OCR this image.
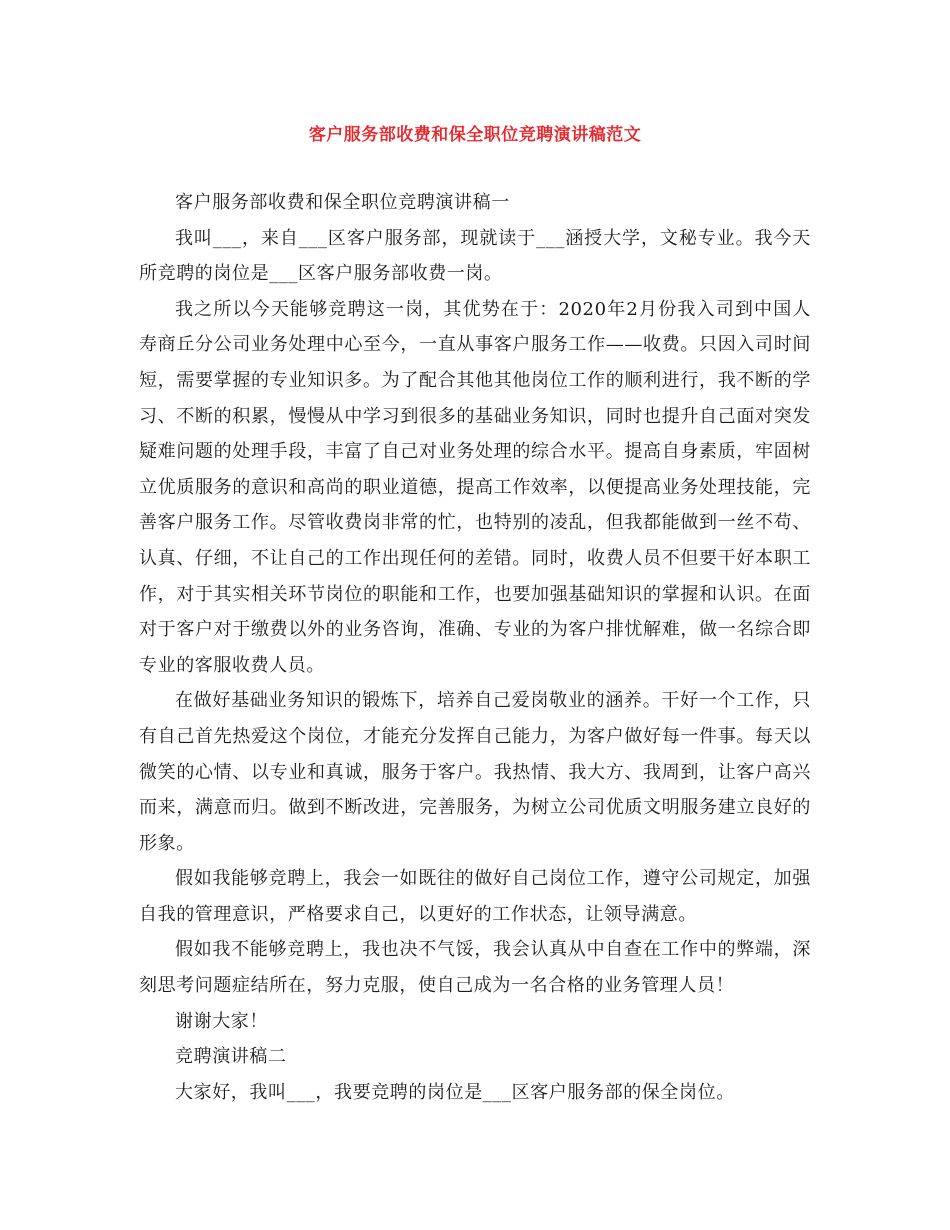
客户服务部收费和保全职位竞聘演讲稿范文

客户服务部收费和保全职位竞聘演讲稿一

我叫___，来自___区客户服务部，现就读于___涵授大学，文秘专业。我今天所竞聘的岗位是___区客户服务部收费一岗。

我之所以今天能够竞聘这一岗，其优势在于：2020年2月份我入司到中国人寿商丘分公司业务处理中心至今，一直从事客户服务工作——收费。只因入司时间短，需要掌握的专业知识多。为了配合其他其他岗位工作的顺利进行，我不断的学习、不断的积累，慢慢从中学习到很多的基础业务知识，同时也提升自己面对突发疑难问题的处理手段，丰富了自己对业务处理的综合水平。提高自身素质，牢固树立优质服务的意识和高尚的职业道德，提高工作效率，以便提高业务处理技能，完善客户服务工作。尽管收费岗非常的忙，也特别的凌乱，但我都能做到一丝不苟、认真、仔细，不让自己的工作出现任何的差错。同时，收费人员不但要干好本职工作，对于其实相关环节岗位的职能和工作，也要加强基础知识的掌握和认识。在面对于客户对于缴费以外的业务咨询，准确、专业的为客户排忧解难，做一名综合即专业的客服收费人员。

在做好基础业务知识的锻炼下，培养自己爱岗敬业的涵养。干好一个工作，只有自己首先热爱这个岗位，才能充分发挥自己能力，为客户做好每一件事。每天以微笑的心情、以专业和真诚，服务于客户。我热情、我大方、我周到，让客户高兴而来，满意而归。做到不断改进，完善服务，为树立公司优质文明服务建立良好的形象。

假如我能够竞聘上，我会一如既往的做好自己岗位工作，遵守公司规定，加强自我的管理意识，严格要求自己，以更好的工作状态，让领导满意。

假如我不能够竞聘上，我也决不气馁，我会认真从中自查在工作中的弊端，深刻思考问题症结所在，努力克服，使自己成为一名合格的业务管理人员！

谢谢大家！

竞聘演讲稿二

大家好，我叫___，我要竞聘的岗位是___区客户服务部的保全岗位。
